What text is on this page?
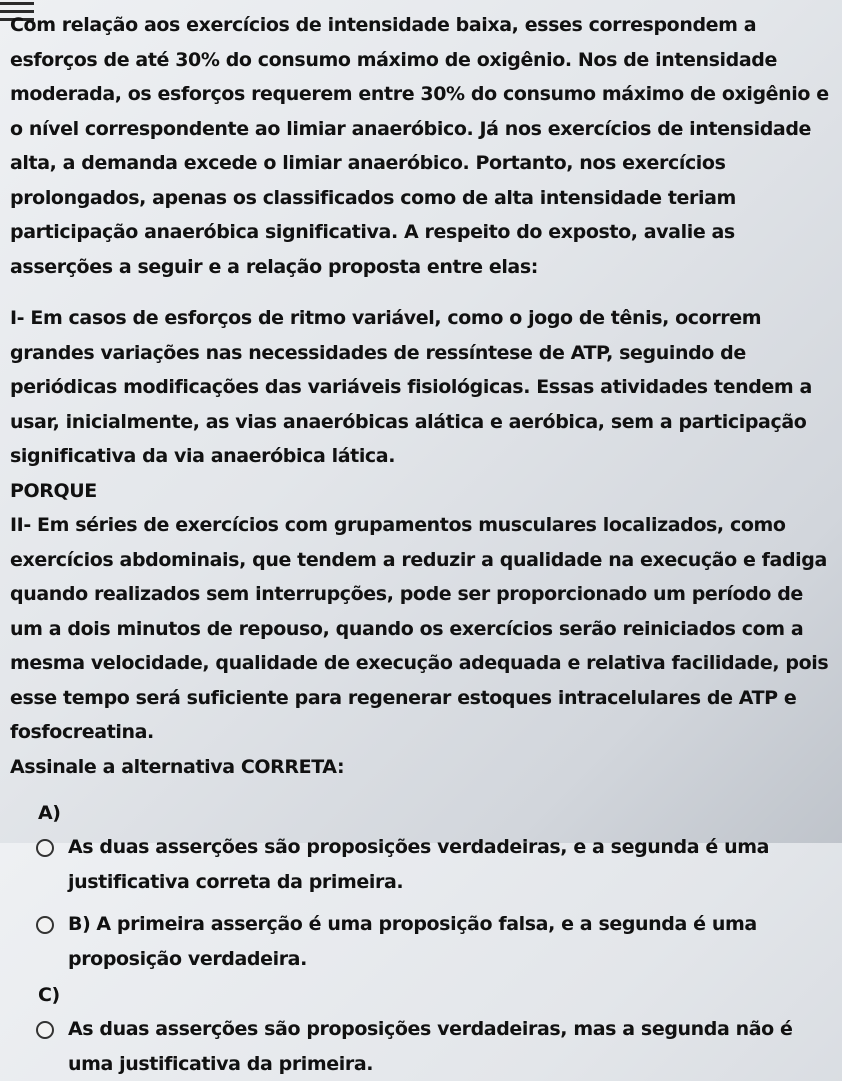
Com relação aos exercícios de intensidade baixa, esses correspondem a esforços de até 30% do consumo máximo de oxigênio. Nos de intensidade moderada, os esforços requerem entre 30% do consumo máximo de oxigênio e o nível correspondente ao limiar anaeróbico. Já nos exercícios de intensidade alta, a demanda excede o limiar anaeróbico. Portanto, nos exercícios prolongados, apenas os classificados como de alta intensidade teriam participação anaeróbica significativa. A respeito do exposto, avalie as asserções a seguir e a relação proposta entre elas:

I- Em casos de esforços de ritmo variável, como o jogo de tênis, ocorrem grandes variações nas necessidades de ressíntese de ATP, seguindo de periódicas modificações das variáveis fisiológicas. Essas atividades tendem a usar, inicialmente, as vias anaeróbicas alática e aeróbica, sem a participação significativa da via anaeróbica lática.

PORQUE

II- Em séries de exercícios com grupamentos musculares localizados, como exercícios abdominais, que tendem a reduzir a qualidade na execução e fadiga quando realizados sem interrupções, pode ser proporcionado um período de um a dois minutos de repouso, quando os exercícios serão reiniciados com a mesma velocidade, qualidade de execução adequada e relativa facilidade, pois esse tempo será suficiente para regenerar estoques intracelulares de ATP e fosfocreatina.

Assinale a alternativa CORRETA:

A)

As duas asserções são proposições verdadeiras, e a segunda é uma justificativa correta da primeira.
B) A primeira asserção é uma proposição falsa, e a segunda é uma proposição verdadeira.

C)

As duas asserções são proposições verdadeiras, mas a segunda não é uma justificativa da primeira.
